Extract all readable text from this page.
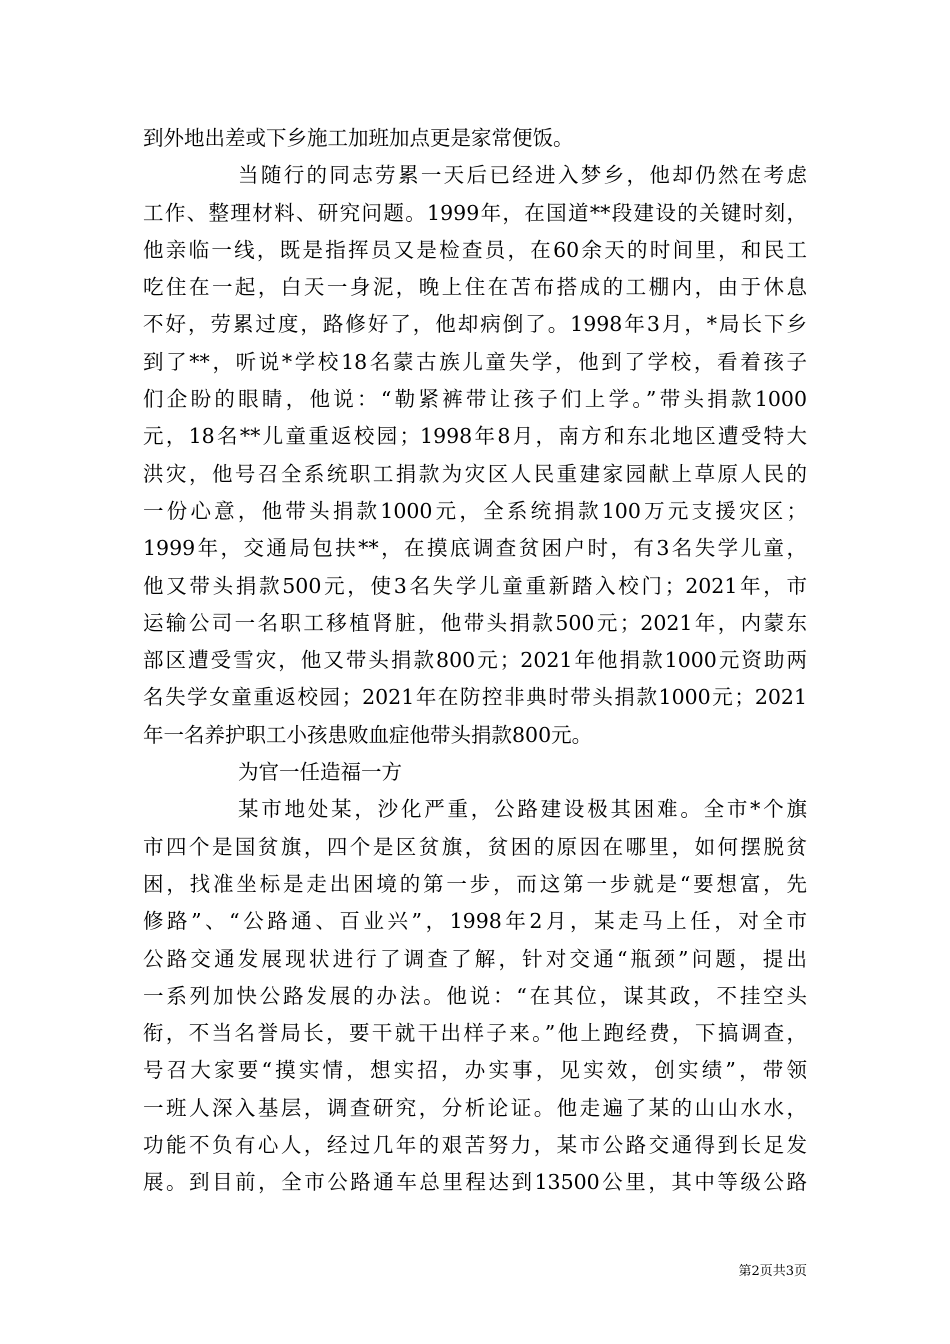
到外地出差或下乡施工加班加点更是家常便饭。
当随行的同志劳累一天后已经进入梦乡，他却仍然在考虑
工作、整理材料、研究问题。1999年，在国道**段建设的关键时刻，
他亲临一线，既是指挥员又是检查员，在60余天的时间里，和民工
吃住在一起，白天一身泥，晚上住在苫布搭成的工棚内，由于休息
不好，劳累过度，路修好了，他却病倒了。1998年3月，*局长下乡
到了**，听说*学校18名蒙古族儿童失学，他到了学校，看着孩子
们企盼的眼睛，他说：“勒紧裤带让孩子们上学。”带头捐款1000
元，18名**儿童重返校园；1998年8月，南方和东北地区遭受特大
洪灾，他号召全系统职工捐款为灾区人民重建家园献上草原人民的
一份心意，他带头捐款1000元，全系统捐款100万元支援灾区；
1999年，交通局包扶**，在摸底调查贫困户时，有3名失学儿童，
他又带头捐款500元，使3名失学儿童重新踏入校门；2021年，市
运输公司一名职工移植肾脏，他带头捐款500元；2021年，内蒙东
部区遭受雪灾，他又带头捐款800元；2021年他捐款1000元资助两
名失学女童重返校园；2021年在防控非典时带头捐款1000元；2021
年一名养护职工小孩患败血症他带头捐款800元。
为官一任造福一方
某市地处某，沙化严重，公路建设极其困难。全市*个旗
市四个是国贫旗，四个是区贫旗，贫困的原因在哪里，如何摆脱贫
困，找准坐标是走出困境的第一步，而这第一步就是“要想富，先
修路”、“公路通、百业兴”，1998年2月，某走马上任，对全市
公路交通发展现状进行了调查了解，针对交通“瓶颈”问题，提出
一系列加快公路发展的办法。他说：“在其位，谋其政，不挂空头
衔，不当名誉局长，要干就干出样子来。”他上跑经费，下搞调查，
号召大家要“摸实情，想实招，办实事，见实效，创实绩”，带领
一班人深入基层，调查研究，分析论证。他走遍了某的山山水水，
功能不负有心人，经过几年的艰苦努力，某市公路交通得到长足发
展。到目前，全市公路通车总里程达到13500公里，其中等级公路
第2页共3页
